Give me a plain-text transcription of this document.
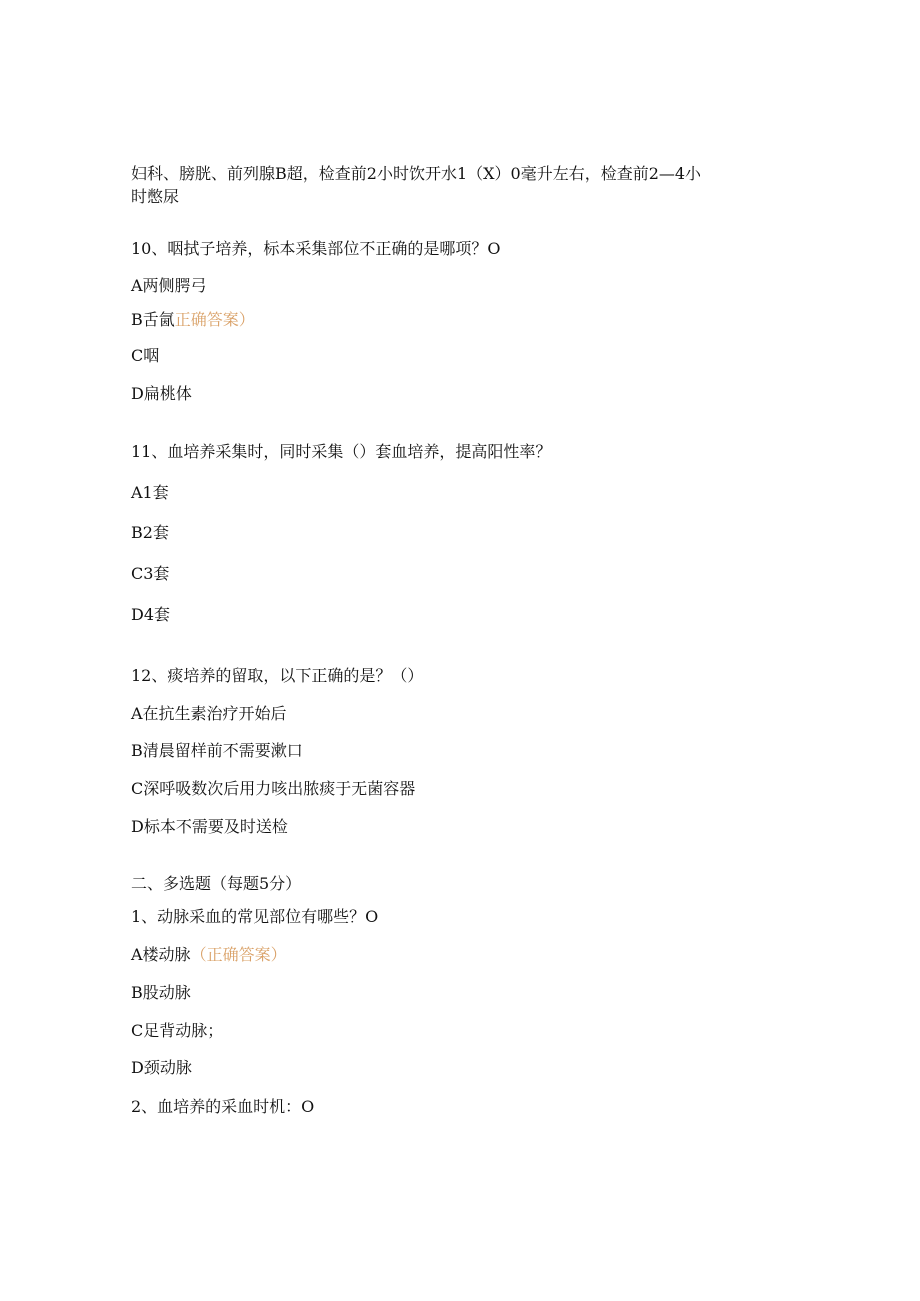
妇科、膀胱、前列腺B超，检查前2小时饮开水1（X）0毫升左右，检查前2—4小
时憋尿
10、咽拭子培养，标本采集部位不正确的是哪项？O
A两侧腭弓
B舌氤正确答案）
C咽
D扁桃体
11、血培养采集时，同时采集（）套血培养，提高阳性率？
A1套
B2套
C3套
D4套
12、痰培养的留取，以下正确的是？（）
A在抗生素治疗开始后
B清晨留样前不需要漱口
C深呼吸数次后用力咳出脓痰于无菌容器
D标本不需要及时送检
二、多选题（每题5分）
1、动脉采血的常见部位有哪些？O
A楼动脉（正确答案）
B股动脉
C足背动脉；
D颈动脉
2、血培养的采血时机：O
